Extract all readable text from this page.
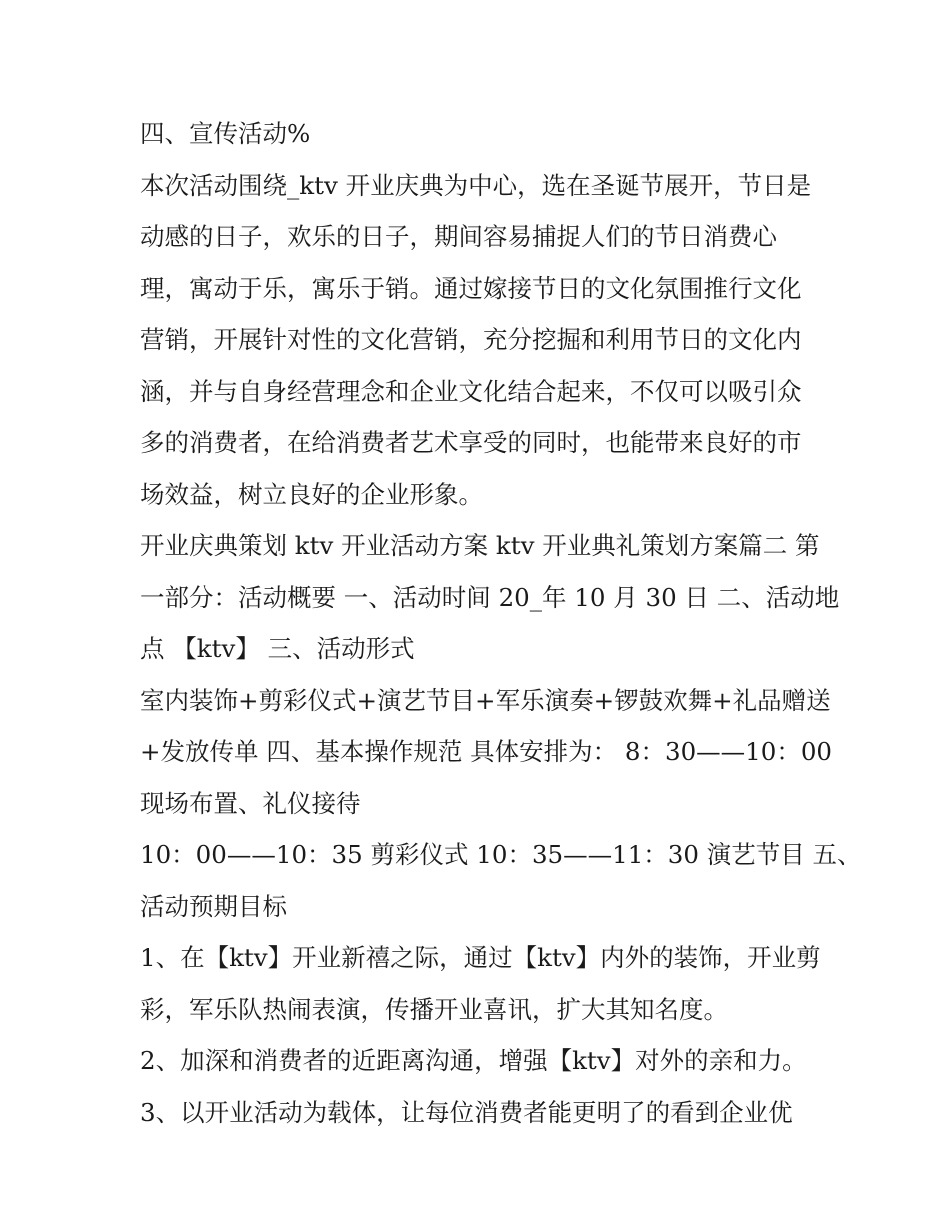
四、宣传活动%
本次活动围绕_ktv 开业庆典为中心，选在圣诞节展开，节日是
动感的日子，欢乐的日子，期间容易捕捉人们的节日消费心
理，寓动于乐，寓乐于销。通过嫁接节日的文化氛围推行文化
营销，开展针对性的文化营销，充分挖掘和利用节日的文化内
涵，并与自身经营理念和企业文化结合起来，不仅可以吸引众
多的消费者，在给消费者艺术享受的同时，也能带来良好的市
场效益，树立良好的企业形象。
开业庆典策划 ktv 开业活动方案 ktv 开业典礼策划方案篇二 第
一部分：活动概要 一、活动时间 20_年 10 月 30 日 二、活动地
点 【ktv】 三、活动形式
室内装饰+剪彩仪式+演艺节目+军乐演奏+锣鼓欢舞+礼品赠送
+发放传单 四、基本操作规范 具体安排为： 8：30——10：00
现场布置、礼仪接待
10：00——10：35 剪彩仪式 10：35——11：30 演艺节目 五、
活动预期目标
1、在【ktv】开业新禧之际，通过【ktv】内外的装饰，开业剪
彩，军乐队热闹表演，传播开业喜讯，扩大其知名度。
2、加深和消费者的近距离沟通，增强【ktv】对外的亲和力。
3、以开业活动为载体，让每位消费者能更明了的看到企业优
